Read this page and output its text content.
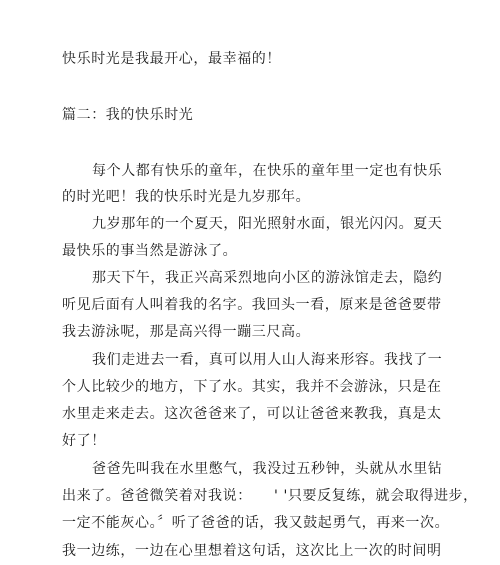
快乐时光是我最开心，最幸福的！
篇二：我的快乐时光
每个人都有快乐的童年，在快乐的童年里一定也有快乐
的时光吧！我的快乐时光是九岁那年。
九岁那年的一个夏天，阳光照射水面，银光闪闪。夏天
最快乐的事当然是游泳了。
那天下午，我正兴高采烈地向小区的游泳馆走去，隐约
听见后面有人叫着我的名字。我回头一看，原来是爸爸要带
我去游泳呢，那是高兴得一蹦三尺高。
我们走进去一看，真可以用人山人海来形容。我找了一
个人比较少的地方，下了水。其实，我并不会游泳，只是在
水里走来走去。这次爸爸来了，可以让爸爸来教我，真是太
好了！
爸爸先叫我在水里憋气，我没过五秒钟，头就从水里钻
出来了。爸爸微笑着对我说：　　' '只要反复练，就会取得进步，
一定不能灰心。〞听了爸爸的话，我又鼓起勇气，再来一次。
我一边练，一边在心里想着这句话，这次比上一次的时间明
